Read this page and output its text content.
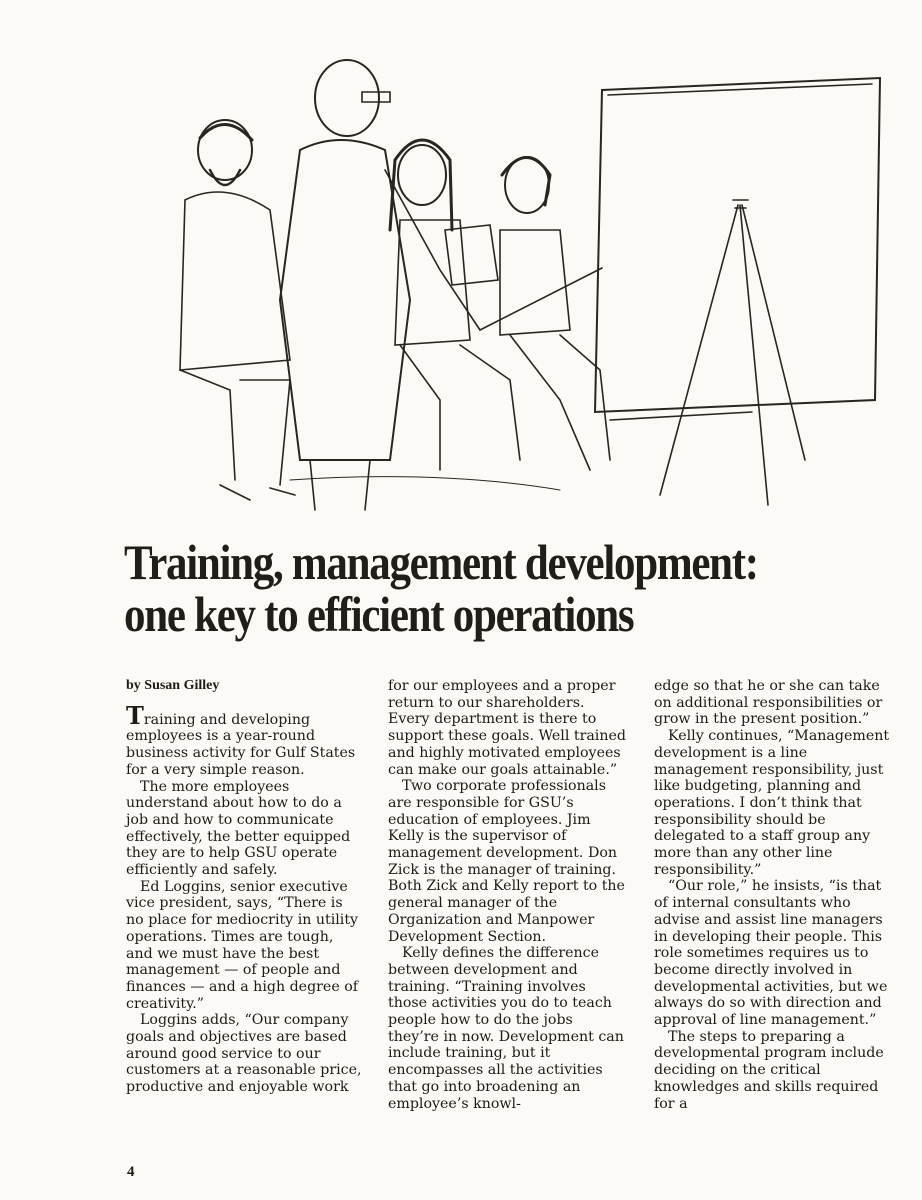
Training, management development:
one key to efficient operations
by Susan Gilley

Training and developing employees is a year-round business activity for Gulf States for a very simple reason.

The more employees understand about how to do a job and how to communicate effectively, the better equipped they are to help GSU operate efficiently and safely.

Ed Loggins, senior executive vice president, says, “There is no place for mediocrity in utility operations. Times are tough, and we must have the best management — of people and finances — and a high degree of creativity.”

Loggins adds, “Our company goals and objectives are based around good service to our customers at a reasonable price, productive and enjoyable work

for our employees and a proper return to our shareholders. Every department is there to support these goals. Well trained and highly motivated employees can make our goals attainable.”

Two corporate professionals are responsible for GSU’s education of employees. Jim Kelly is the supervisor of management development. Don Zick is the manager of training. Both Zick and Kelly report to the general manager of the Organization and Manpower Development Section.

Kelly defines the difference between development and training. “Training involves those activities you do to teach people how to do the jobs they’re in now. Development can include training, but it encompasses all the activities that go into broadening an employee’s knowl-

edge so that he or she can take on additional responsibilities or grow in the present position.”

Kelly continues, “Management development is a line management responsibility, just like budgeting, planning and operations. I don’t think that responsibility should be delegated to a staff group any more than any other line responsibility.”

“Our role,” he insists, “is that of internal consultants who advise and assist line managers in developing their people. This role sometimes requires us to become directly involved in developmental activities, but we always do so with direction and approval of line management.”

The steps to preparing a developmental program include deciding on the critical knowledges and skills required for a

4
